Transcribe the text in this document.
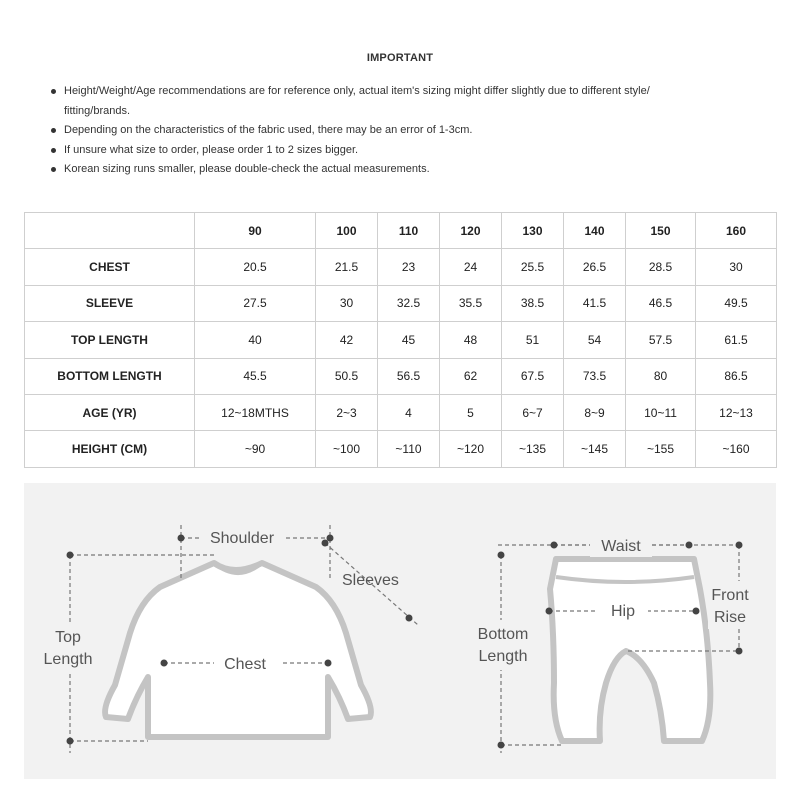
IMPORTANT
Height/Weight/Age recommendations are for reference only, actual item's sizing might differ slightly due to different style/
fitting/brands.
Depending on the characteristics of the fabric used, there may be an error of 1-3cm.
If unsure what size to order, please order 1 to 2 sizes bigger.
Korean sizing runs smaller, please double-check the actual measurements.
	90	100	110	120	130	140	150	160
CHEST	20.5	21.5	23	24	25.5	26.5	28.5	30
SLEEVE	27.5	30	32.5	35.5	38.5	41.5	46.5	49.5
TOP LENGTH	40	42	45	48	51	54	57.5	61.5
BOTTOM LENGTH	45.5	50.5	56.5	62	67.5	73.5	80	86.5
AGE (YR)	12~18MTHS	2~3	4	5	6~7	8~9	10~11	12~13
HEIGHT (CM)	~90	~100	~110	~120	~135	~145	~155	~160
Shoulder
Sleeves
Chest
Top
Length
Waist
Hip
Front
Rise
Bottom
Length
